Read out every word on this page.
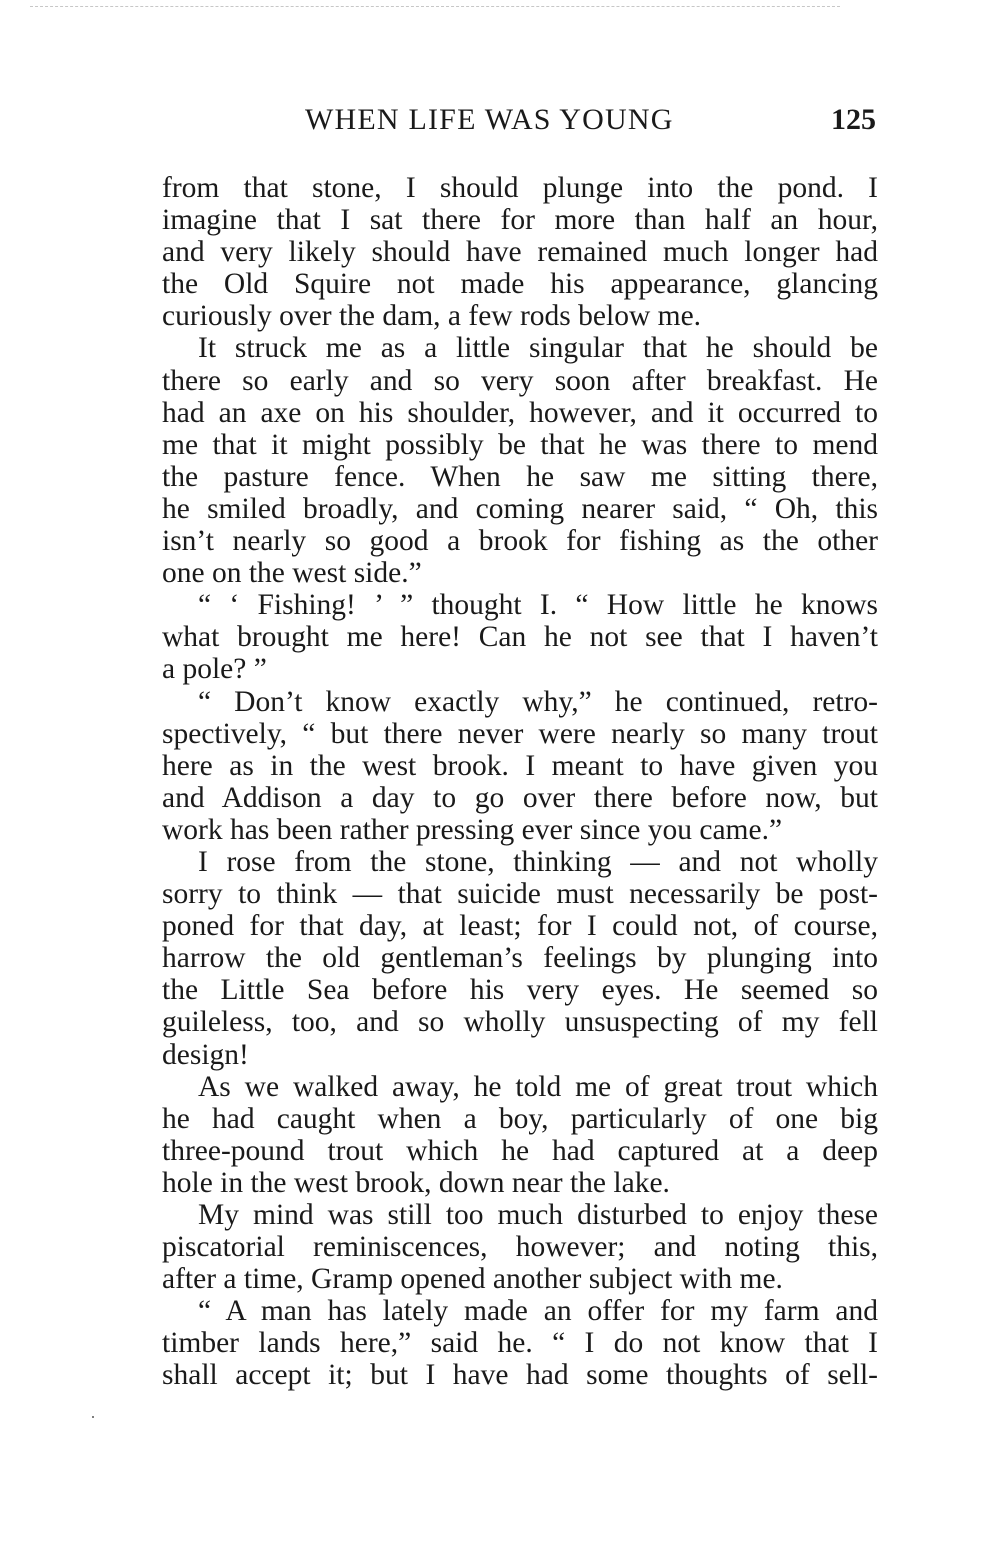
WHEN LIFE WAS YOUNG	125
from that stone, I should plunge into the pond. I
imagine that I sat there for more than half an hour,
and very likely should have remained much longer had
the Old Squire not made his appearance, glancing
curiously over the dam, a few rods below me.
It struck me as a little singular that he should be
there so early and so very soon after breakfast. He
had an axe on his shoulder, however, and it occurred to
me that it might possibly be that he was there to mend
the pasture fence. When he saw me sitting there,
he smiled broadly, and coming nearer said, “ Oh, this
isn’t nearly so good a brook for fishing as the other
one on the west side.”
“ ‘ Fishing! ’ ” thought I. “ How little he knows
what brought me here! Can he not see that I haven’t
a pole? ”
“ Don’t know exactly why,” he continued, retro-
spectively, “ but there never were nearly so many trout
here as in the west brook. I meant to have given you
and Addison a day to go over there before now, but
work has been rather pressing ever since you came.”
I rose from the stone, thinking — and not wholly
sorry to think — that suicide must necessarily be post-
poned for that day, at least; for I could not, of course,
harrow the old gentleman’s feelings by plunging into
the Little Sea before his very eyes. He seemed so
guileless, too, and so wholly unsuspecting of my fell
design!
As we walked away, he told me of great trout which
he had caught when a boy, particularly of one big
three-pound trout which he had captured at a deep
hole in the west brook, down near the lake.
My mind was still too much disturbed to enjoy these
piscatorial reminiscences, however; and noting this,
after a time, Gramp opened another subject with me.
“ A man has lately made an offer for my farm and
timber lands here,” said he. “ I do not know that I
shall accept it; but I have had some thoughts of sell-
